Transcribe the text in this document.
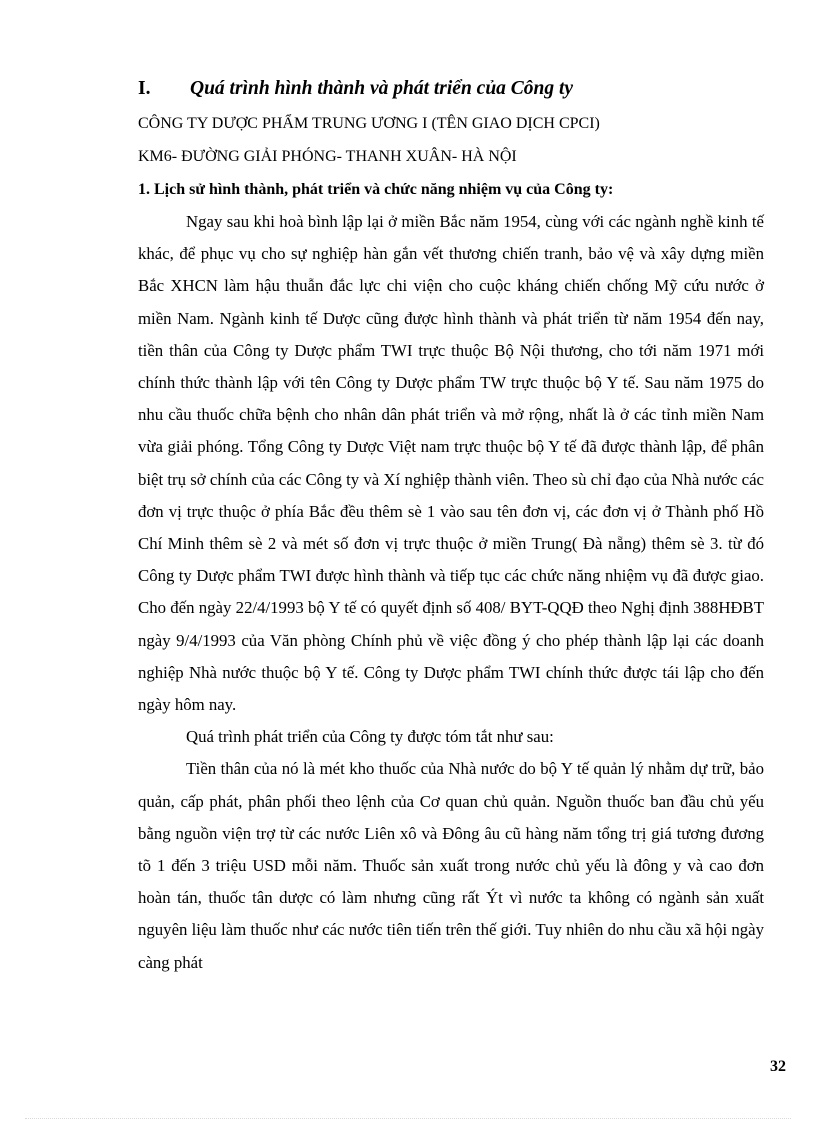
I. Quá trình hình thành và phát triển của Công ty
CÔNG TY DƯỢC PHẨM TRUNG ƯƠNG I (TÊN GIAO DỊCH CPCI)
KM6- ĐƯỜNG GIẢI PHÓNG- THANH XUÂN- HÀ NỘI
1. Lịch sử hình thành, phát triển và chức năng nhiệm vụ của Công ty:

Ngay sau khi hoà bình lập lại ở miền Bắc năm 1954, cùng với các ngành nghề kinh tế khác, để phục vụ cho sự nghiệp hàn gắn vết thương chiến tranh, bảo vệ và xây dựng miền Bắc XHCN làm hậu thuẫn đắc lực chi viện cho cuộc kháng chiến chống Mỹ cứu nước ở miền Nam. Ngành kinh tế Dược cũng được hình thành và phát triển từ năm 1954 đến nay, tiền thân của Công ty Dược phẩm TWI trực thuộc Bộ Nội thương, cho tới năm 1971 mới chính thức thành lập với tên Công ty Dược phẩm TW trực thuộc bộ Y tế. Sau năm 1975 do nhu cầu thuốc chữa bệnh cho nhân dân phát triển và mở rộng, nhất là ở các tỉnh miền Nam vừa giải phóng. Tổng Công ty Dược Việt nam trực thuộc bộ Y tế đã được thành lập, để phân biệt trụ sở chính của các Công ty và Xí nghiệp thành viên. Theo sù chỉ đạo của Nhà nước các đơn vị trực thuộc ở phía Bắc đều thêm sè 1 vào sau tên đơn vị, các đơn vị ở Thành phố Hồ Chí Minh thêm sè 2 và mét số đơn vị trực thuộc ở miền Trung( Đà nẵng) thêm sè 3. từ đó Công ty Dược phẩm TWI được hình thành và tiếp tục các chức năng nhiệm vụ đã được giao. Cho đến ngày 22/4/1993 bộ Y tế có quyết định số 408/ BYT-QQĐ theo Nghị định 388HĐBT ngày 9/4/1993 của Văn phòng Chính phủ về việc đồng ý cho phép thành lập lại các doanh nghiệp Nhà nước thuộc bộ Y tế. Công ty Dược phẩm TWI chính thức được tái lập cho đến ngày hôm nay.

Quá trình phát triển của Công ty được tóm tắt như sau:

Tiền thân của nó là mét kho thuốc của Nhà nước do bộ Y tế quản lý nhằm dự trữ, bảo quản, cấp phát, phân phối theo lệnh của Cơ quan chủ quản. Nguồn thuốc ban đầu chủ yếu bằng nguồn viện trợ từ các nước Liên xô và Đông âu cũ hàng năm tổng trị giá tương đương tõ 1 đến 3 triệu USD mỗi năm. Thuốc sản xuất trong nước chủ yếu là đông y và cao đơn hoàn tán, thuốc tân dược có làm nhưng cũng rất Ýt vì nước ta không có ngành sản xuất nguyên liệu làm thuốc như các nước tiên tiến trên thế giới. Tuy nhiên do nhu cầu xã hội ngày càng phát

32
